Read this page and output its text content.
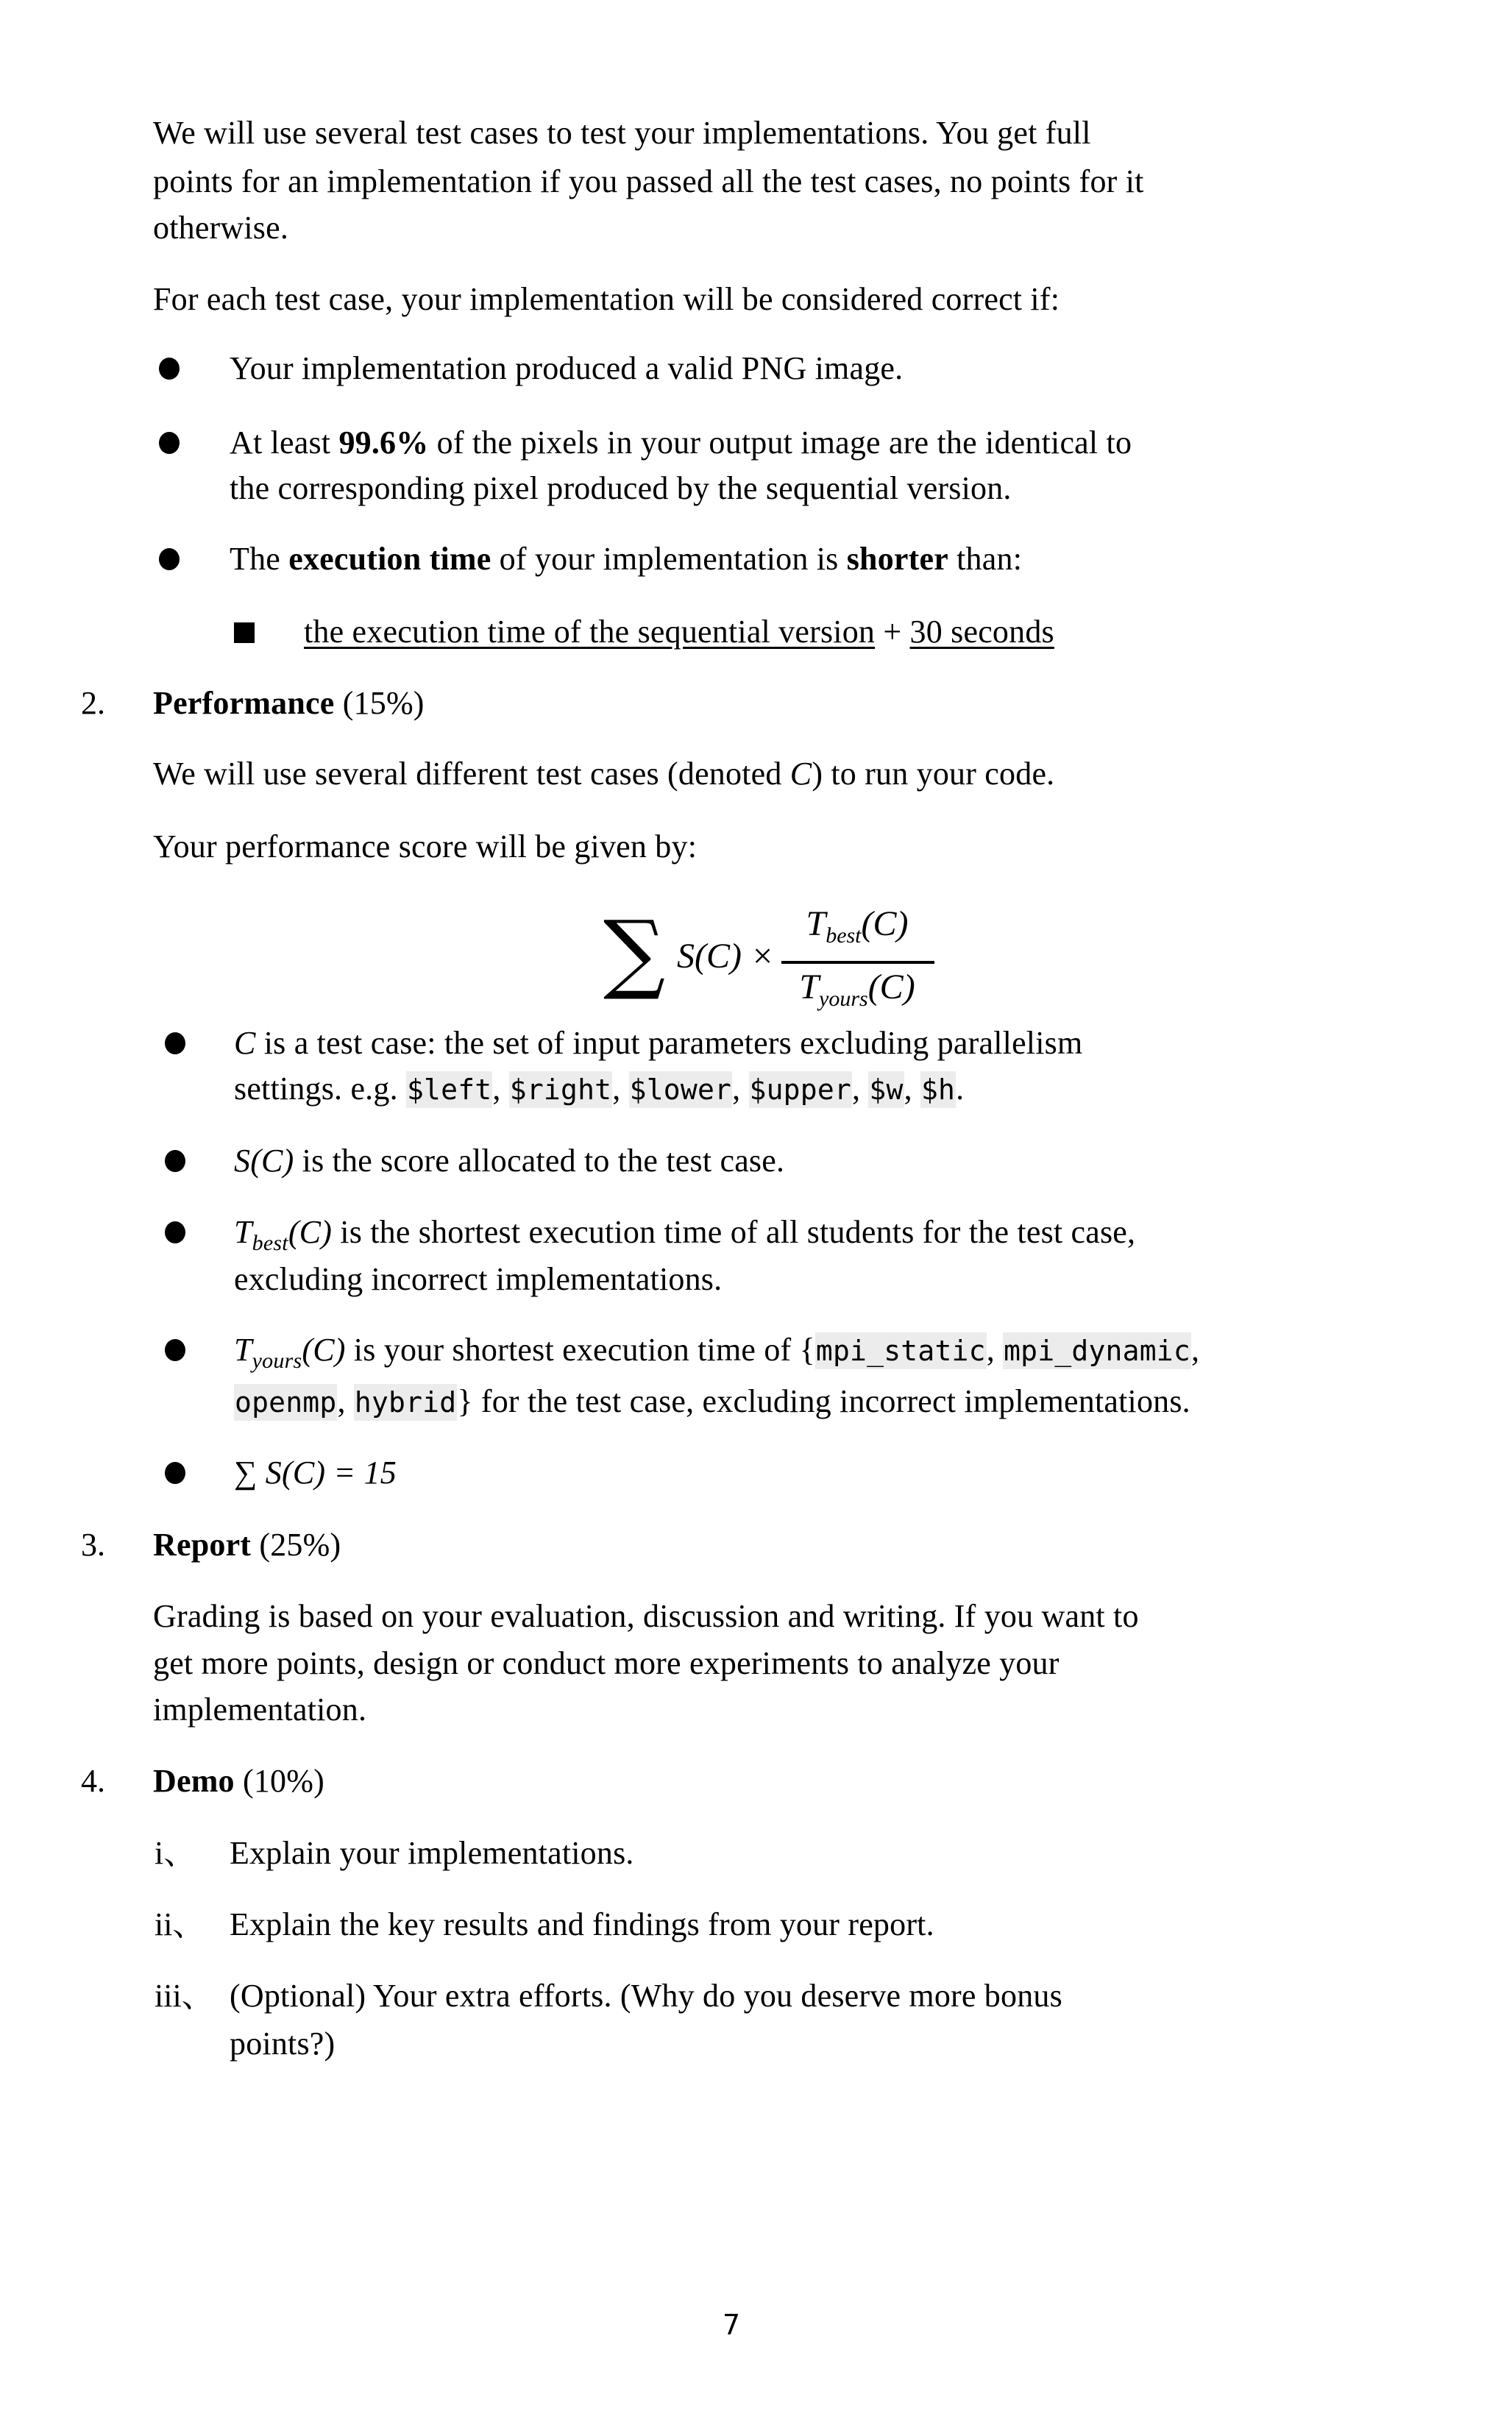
We will use several test cases to test your implementations. You get full
points for an implementation if you passed all the test cases, no points for it
otherwise.
For each test case, your implementation will be considered correct if:
Your implementation produced a valid PNG image.
At least 99.6% of the pixels in your output image are the identical to
the corresponding pixel produced by the sequential version.
The execution time of your implementation is shorter than:
the execution time of the sequential version + 30 seconds
2. Performance (15%)
We will use several different test cases (denoted C) to run your code.
Your performance score will be given by:
∑ S(C) ×
$T_{best}(C)$
$T_{yours}(C)$
C is a test case: the set of input parameters excluding parallelism
settings. e.g. $left, $right, $lower, $upper, $w, $h.
S(C) is the score allocated to the test case.
$T_{best}(C)$ is the shortest execution time of all students for the test case,
excluding incorrect implementations.
$T_{yours}(C)$ is your shortest execution time of {mpi_static, mpi_dynamic,
openmp, hybrid} for the test case, excluding incorrect implementations.
∑ S(C) = 15
3. Report (25%)
Grading is based on your evaluation, discussion and writing. If you want to
get more points, design or conduct more experiments to analyze your
implementation.
4. Demo (10%)
i、 Explain your implementations.
ii、 Explain the key results and findings from your report.
iii、 (Optional) Your extra efforts. (Why do you deserve more bonus
points?)
7
